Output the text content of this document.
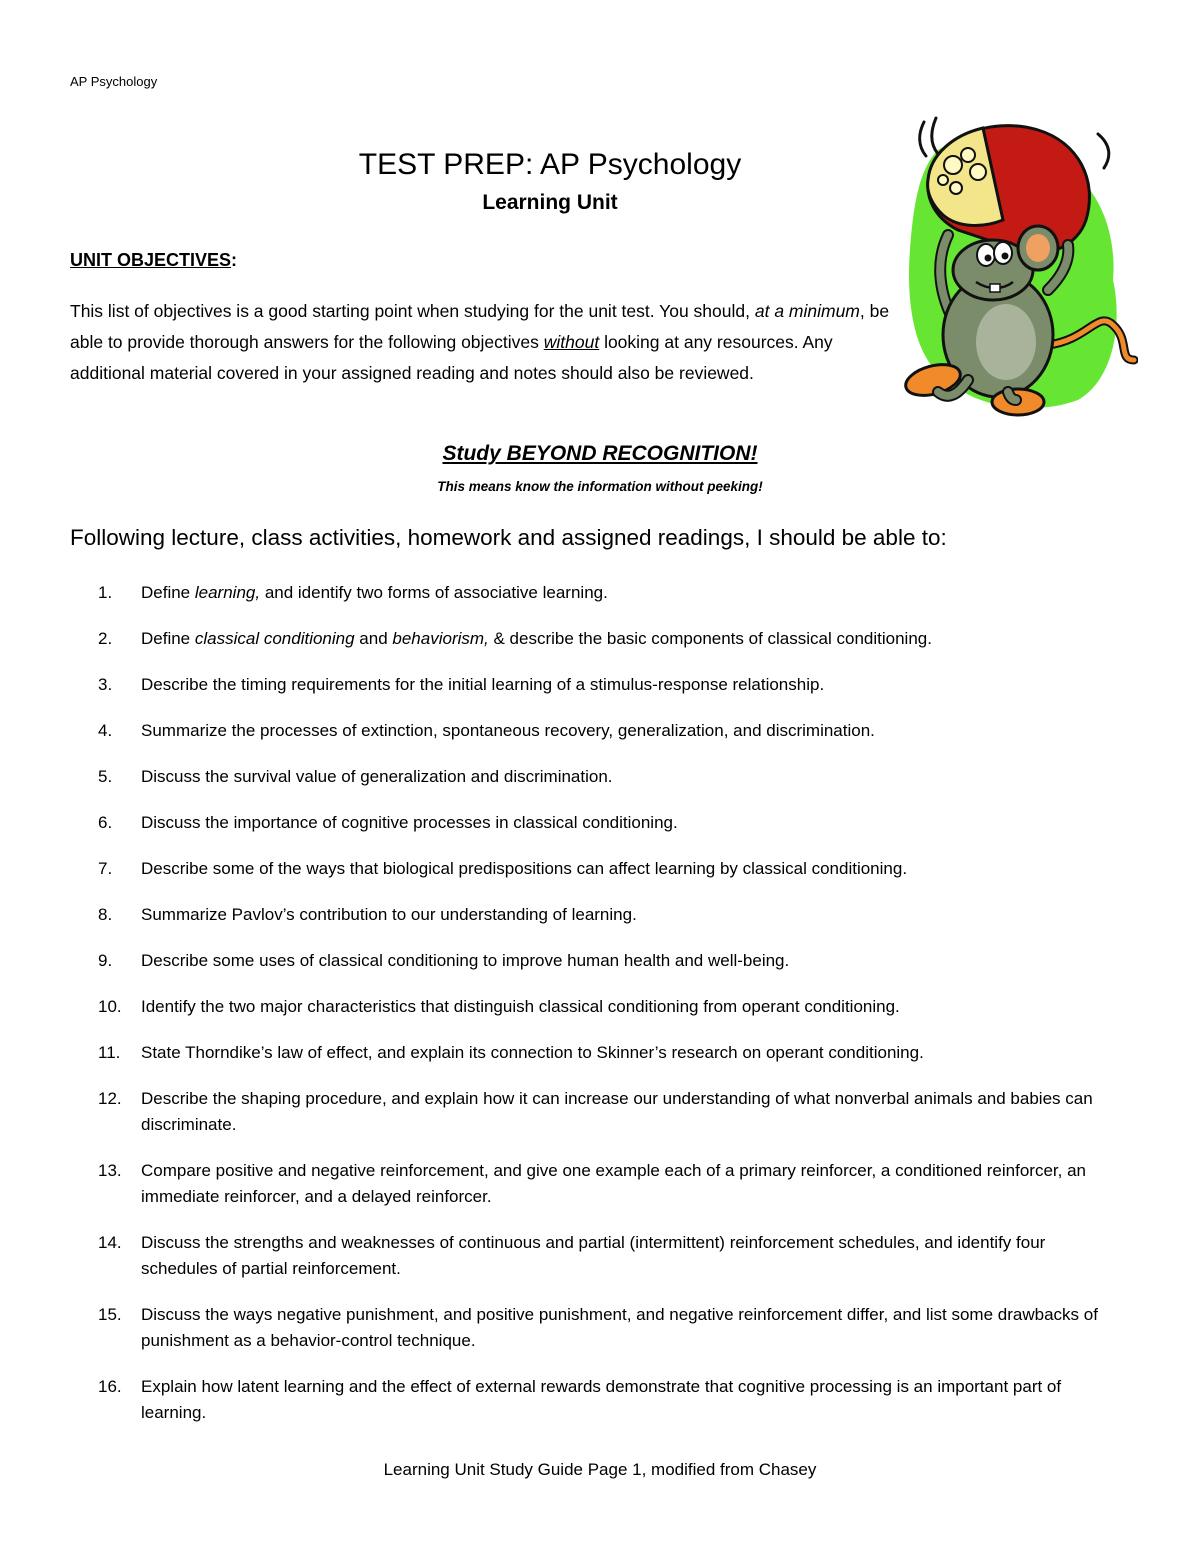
AP Psychology
TEST PREP: AP Psychology
Learning Unit
UNIT OBJECTIVES:
This list of objectives is a good starting point when studying for the unit test. You should, at a minimum, be able to provide thorough answers for the following objectives without looking at any resources. Any additional material covered in your assigned reading and notes should also be reviewed.
Study BEYOND RECOGNITION!
This means know the information without peeking!
Following lecture, class activities, homework and assigned readings, I should be able to:
1.	Define learning, and identify two forms of associative learning.
2.	Define classical conditioning and behaviorism, & describe the basic components of classical conditioning.
3.	Describe the timing requirements for the initial learning of a stimulus-response relationship.
4.	Summarize the processes of extinction, spontaneous recovery, generalization, and discrimination.
5.	Discuss the survival value of generalization and discrimination.
6.	Discuss the importance of cognitive processes in classical conditioning.
7.	Describe some of the ways that biological predispositions can affect learning by classical conditioning.
8.	Summarize Pavlov’s contribution to our understanding of learning.
9.	Describe some uses of classical conditioning to improve human health and well-being.
10.	Identify the two major characteristics that distinguish classical conditioning from operant conditioning.
11.	State Thorndike’s law of effect, and explain its connection to Skinner’s research on operant conditioning.
12.	Describe the shaping procedure, and explain how it can increase our understanding of what nonverbal animals and babies can discriminate.
13.	Compare positive and negative reinforcement, and give one example each of a primary reinforcer, a conditioned reinforcer, an immediate reinforcer, and a delayed reinforcer.
14.	Discuss the strengths and weaknesses of continuous and partial (intermittent) reinforcement schedules, and identify four schedules of partial reinforcement.
15.	Discuss the ways negative punishment, and positive punishment, and negative reinforcement differ, and list some drawbacks of punishment as a behavior-control technique.
16.	Explain how latent learning and the effect of external rewards demonstrate that cognitive processing is an important part of learning.
Learning Unit Study Guide Page 1, modified from Chasey
